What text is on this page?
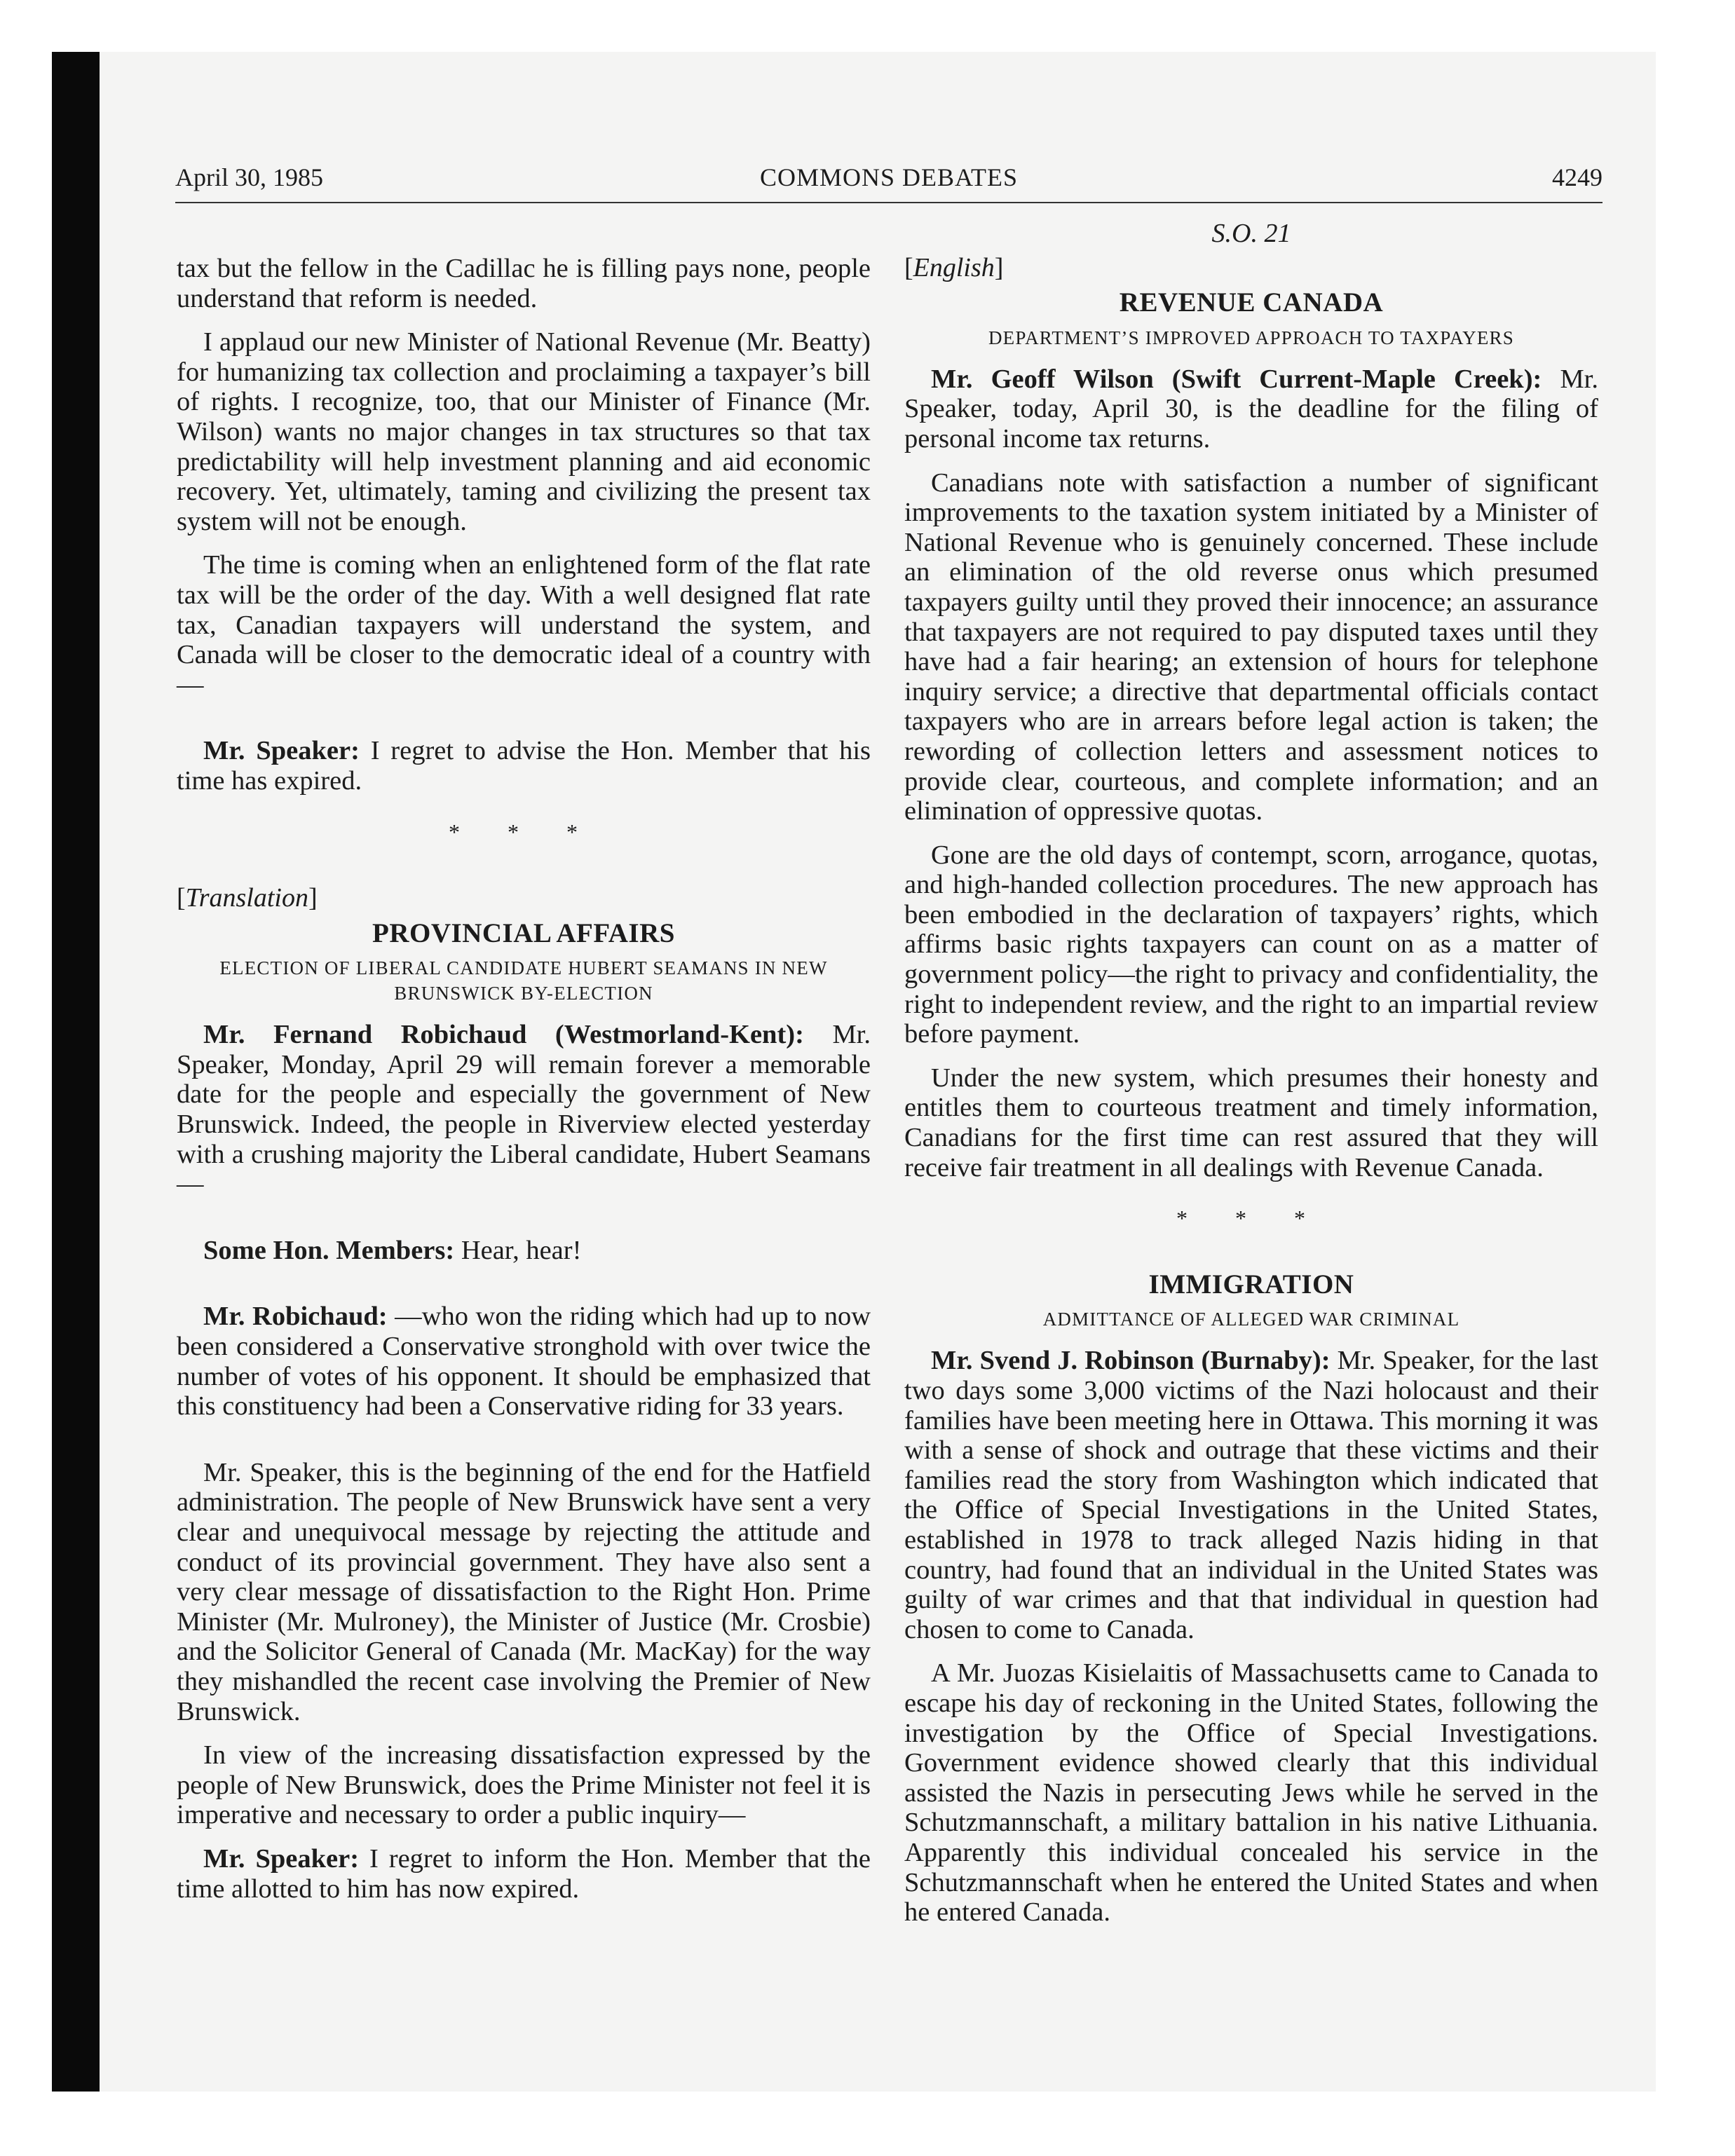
April 30, 1985	COMMONS DEBATES	4249

tax but the fellow in the Cadillac he is filling pays none, people understand that reform is needed.

I applaud our new Minister of National Revenue (Mr. Beatty) for humanizing tax collection and proclaiming a taxpayer’s bill of rights. I recognize, too, that our Minister of Finance (Mr. Wilson) wants no major changes in tax structures so that tax predictability will help investment planning and aid economic recovery. Yet, ultimately, taming and civilizing the present tax system will not be enough.

The time is coming when an enlightened form of the flat rate tax will be the order of the day. With a well designed flat rate tax, Canadian taxpayers will understand the system, and Canada will be closer to the democratic ideal of a country with—

Mr. Speaker: I regret to advise the Hon. Member that his time has expired.

* * *
[Translation]
PROVINCIAL AFFAIRS
ELECTION OF LIBERAL CANDIDATE HUBERT SEAMANS IN NEW BRUNSWICK BY-ELECTION

Mr. Fernand Robichaud (Westmorland-Kent): Mr. Speaker, Monday, April 29 will remain forever a memorable date for the people and especially the government of New Brunswick. Indeed, the people in Riverview elected yesterday with a crushing majority the Liberal candidate, Hubert Seamans—

Some Hon. Members: Hear, hear!

Mr. Robichaud: —who won the riding which had up to now been considered a Conservative stronghold with over twice the number of votes of his opponent. It should be emphasized that this constituency had been a Conservative riding for 33 years.

Mr. Speaker, this is the beginning of the end for the Hatfield administration. The people of New Brunswick have sent a very clear and unequivocal message by rejecting the attitude and conduct of its provincial government. They have also sent a very clear message of dissatisfaction to the Right Hon. Prime Minister (Mr. Mulroney), the Minister of Justice (Mr. Crosbie) and the Solicitor General of Canada (Mr. MacKay) for the way they mishandled the recent case involving the Premier of New Brunswick.

In view of the increasing dissatisfaction expressed by the people of New Brunswick, does the Prime Minister not feel it is imperative and necessary to order a public inquiry—

Mr. Speaker: I regret to inform the Hon. Member that the time allotted to him has now expired.

S.O. 21
[English]
REVENUE CANADA
DEPARTMENT’S IMPROVED APPROACH TO TAXPAYERS

Mr. Geoff Wilson (Swift Current-Maple Creek): Mr. Speaker, today, April 30, is the deadline for the filing of personal income tax returns.

Canadians note with satisfaction a number of significant improvements to the taxation system initiated by a Minister of National Revenue who is genuinely concerned. These include an elimination of the old reverse onus which presumed taxpayers guilty until they proved their innocence; an assurance that taxpayers are not required to pay disputed taxes until they have had a fair hearing; an extension of hours for telephone inquiry service; a directive that departmental officials contact taxpayers who are in arrears before legal action is taken; the rewording of collection letters and assessment notices to provide clear, courteous, and complete information; and an elimination of oppressive quotas.

Gone are the old days of contempt, scorn, arrogance, quotas, and high-handed collection procedures. The new approach has been embodied in the declaration of taxpayers’ rights, which affirms basic rights taxpayers can count on as a matter of government policy—the right to privacy and confidentiality, the right to independent review, and the right to an impartial review before payment.

Under the new system, which presumes their honesty and entitles them to courteous treatment and timely information, Canadians for the first time can rest assured that they will receive fair treatment in all dealings with Revenue Canada.

* * *
IMMIGRATION
ADMITTANCE OF ALLEGED WAR CRIMINAL

Mr. Svend J. Robinson (Burnaby): Mr. Speaker, for the last two days some 3,000 victims of the Nazi holocaust and their families have been meeting here in Ottawa. This morning it was with a sense of shock and outrage that these victims and their families read the story from Washington which indicated that the Office of Special Investigations in the United States, established in 1978 to track alleged Nazis hiding in that country, had found that an individual in the United States was guilty of war crimes and that that individual in question had chosen to come to Canada.

A Mr. Juozas Kisielaitis of Massachusetts came to Canada to escape his day of reckoning in the United States, following the investigation by the Office of Special Investigations. Government evidence showed clearly that this individual assisted the Nazis in persecuting Jews while he served in the Schutzmannschaft, a military battalion in his native Lithuania. Apparently this individual concealed his service in the Schutzmannschaft when he entered the United States and when he entered Canada.
